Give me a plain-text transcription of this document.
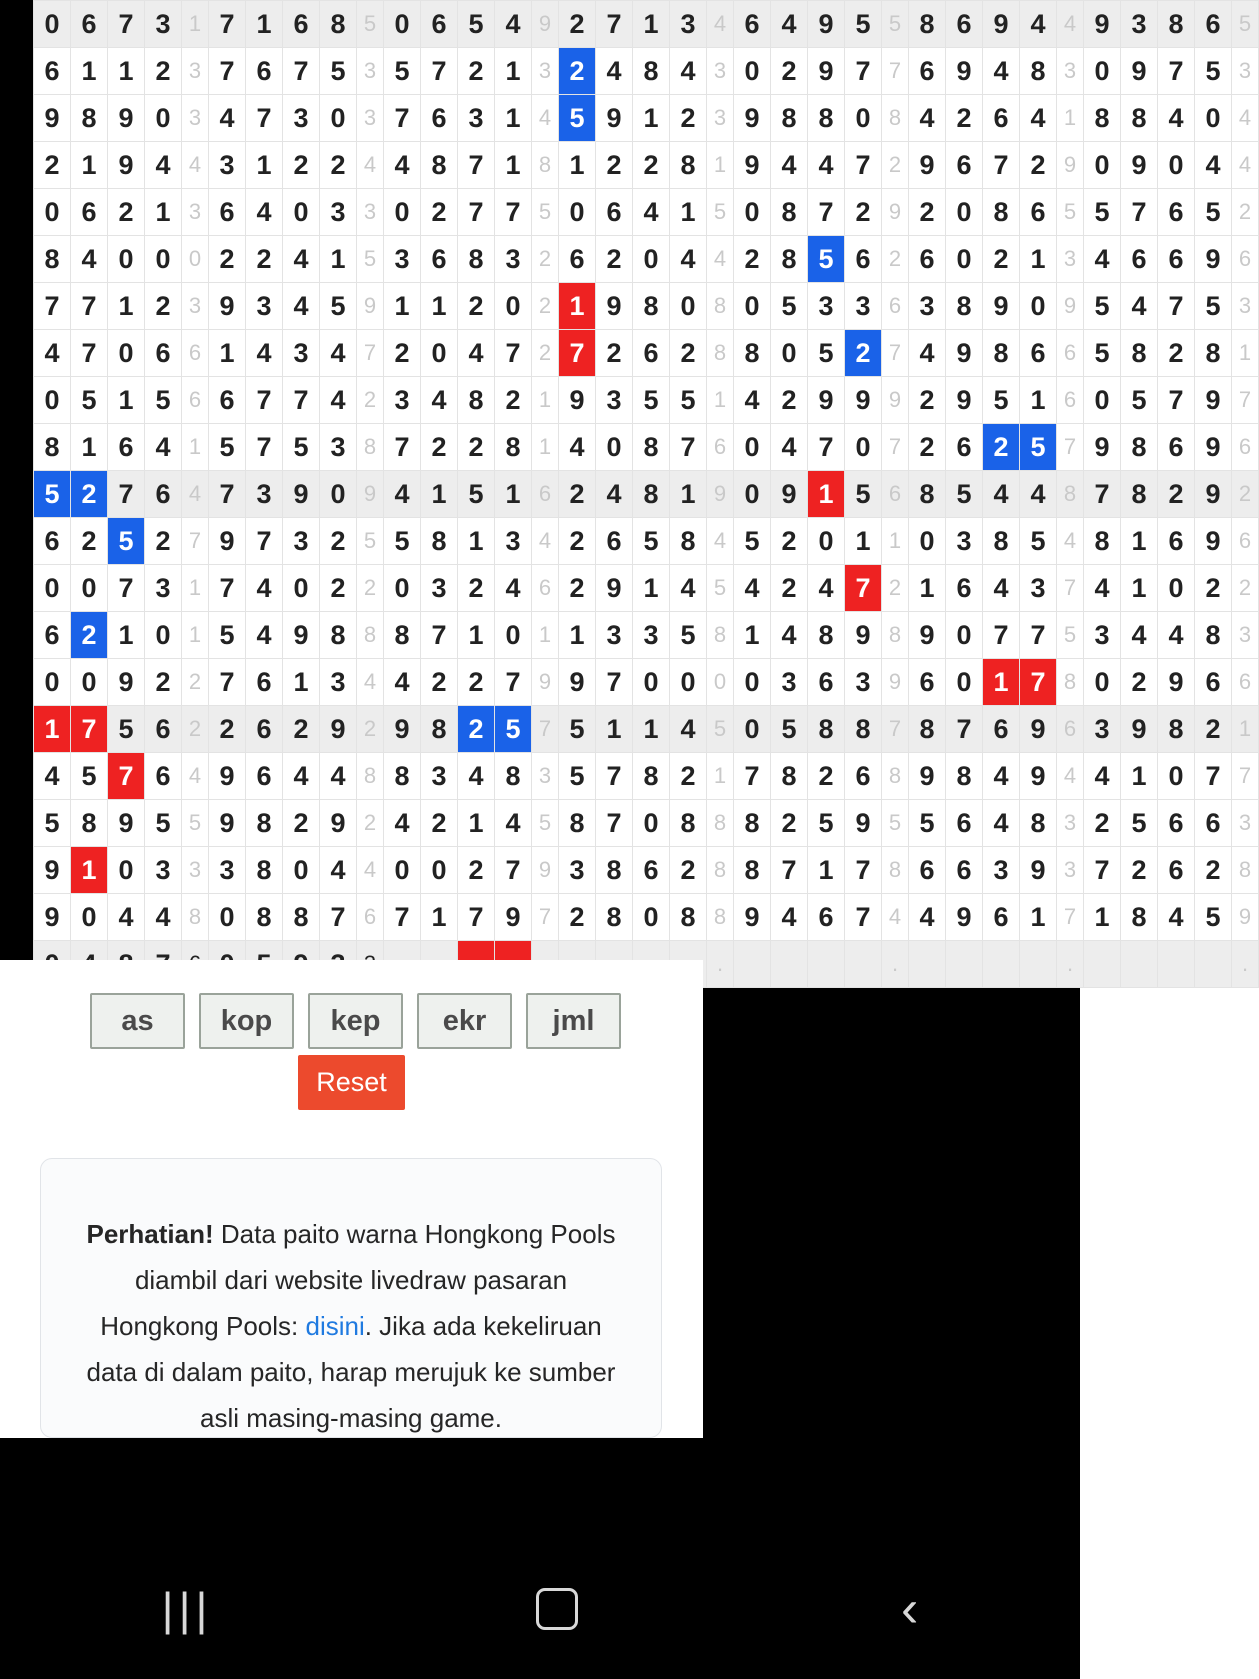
0	6	7	3	1	7	1	6	8	5	0	6	5	4	9	2	7	1	3	4	6	4	9	5	5	8	6	9	4	4	9	3	8	6	5
6	1	1	2	3	7	6	7	5	3	5	7	2	1	3	2	4	8	4	3	0	2	9	7	7	6	9	4	8	3	0	9	7	5	3
9	8	9	0	3	4	7	3	0	3	7	6	3	1	4	5	9	1	2	3	9	8	8	0	8	4	2	6	4	1	8	8	4	0	4
2	1	9	4	4	3	1	2	2	4	4	8	7	1	8	1	2	2	8	1	9	4	4	7	2	9	6	7	2	9	0	9	0	4	4
0	6	2	1	3	6	4	0	3	3	0	2	7	7	5	0	6	4	1	5	0	8	7	2	9	2	0	8	6	5	5	7	6	5	2
8	4	0	0	0	2	2	4	1	5	3	6	8	3	2	6	2	0	4	4	2	8	5	6	2	6	0	2	1	3	4	6	6	9	6
7	7	1	2	3	9	3	4	5	9	1	1	2	0	2	1	9	8	0	8	0	5	3	3	6	3	8	9	0	9	5	4	7	5	3
4	7	0	6	6	1	4	3	4	7	2	0	4	7	2	7	2	6	2	8	8	0	5	2	7	4	9	8	6	6	5	8	2	8	1
0	5	1	5	6	6	7	7	4	2	3	4	8	2	1	9	3	5	5	1	4	2	9	9	9	2	9	5	1	6	0	5	7	9	7
8	1	6	4	1	5	7	5	3	8	7	2	2	8	1	4	0	8	7	6	0	4	7	0	7	2	6	2	5	7	9	8	6	9	6
5	2	7	6	4	7	3	9	0	9	4	1	5	1	6	2	4	8	1	9	0	9	1	5	6	8	5	4	4	8	7	8	2	9	2
6	2	5	2	7	9	7	3	2	5	5	8	1	3	4	2	6	5	8	4	5	2	0	1	1	0	3	8	5	4	8	1	6	9	6
0	0	7	3	1	7	4	0	2	2	0	3	2	4	6	2	9	1	4	5	4	2	4	7	2	1	6	4	3	7	4	1	0	2	2
6	2	1	0	1	5	4	9	8	8	8	7	1	0	1	1	3	3	5	8	1	4	8	9	8	9	0	7	7	5	3	4	4	8	3
0	0	9	2	2	7	6	1	3	4	4	2	2	7	9	9	7	0	0	0	0	3	6	3	9	6	0	1	7	8	0	2	9	6	6
1	7	5	6	2	2	6	2	9	2	9	8	2	5	7	5	1	1	4	5	0	5	8	8	7	8	7	6	9	6	3	9	8	2	1
4	5	7	6	4	9	6	4	4	8	8	3	4	8	3	5	7	8	2	1	7	8	2	6	8	9	8	4	9	4	4	1	0	7	7
5	8	9	5	5	9	8	2	9	2	4	2	1	4	5	8	7	0	8	8	8	2	5	9	5	5	6	4	8	3	2	5	6	6	3
9	1	0	3	3	3	8	0	4	4	0	0	2	7	9	3	8	6	2	8	8	7	1	7	8	6	6	3	9	3	7	2	6	2	8
9	0	4	4	8	0	8	8	7	6	7	1	7	9	7	2	8	0	8	8	9	4	6	7	4	4	9	6	1	7	1	8	4	5	9
																			.					.					.					.
as	kop	kep	ekr	jml
Reset
Perhatian! Data paito warna Hongkong Pools diambil dari website livedraw pasaran Hongkong Pools: disini. Jika ada kekeliruan data di dalam paito, harap merujuk ke sumber asli masing-masing game.
|||	‹
